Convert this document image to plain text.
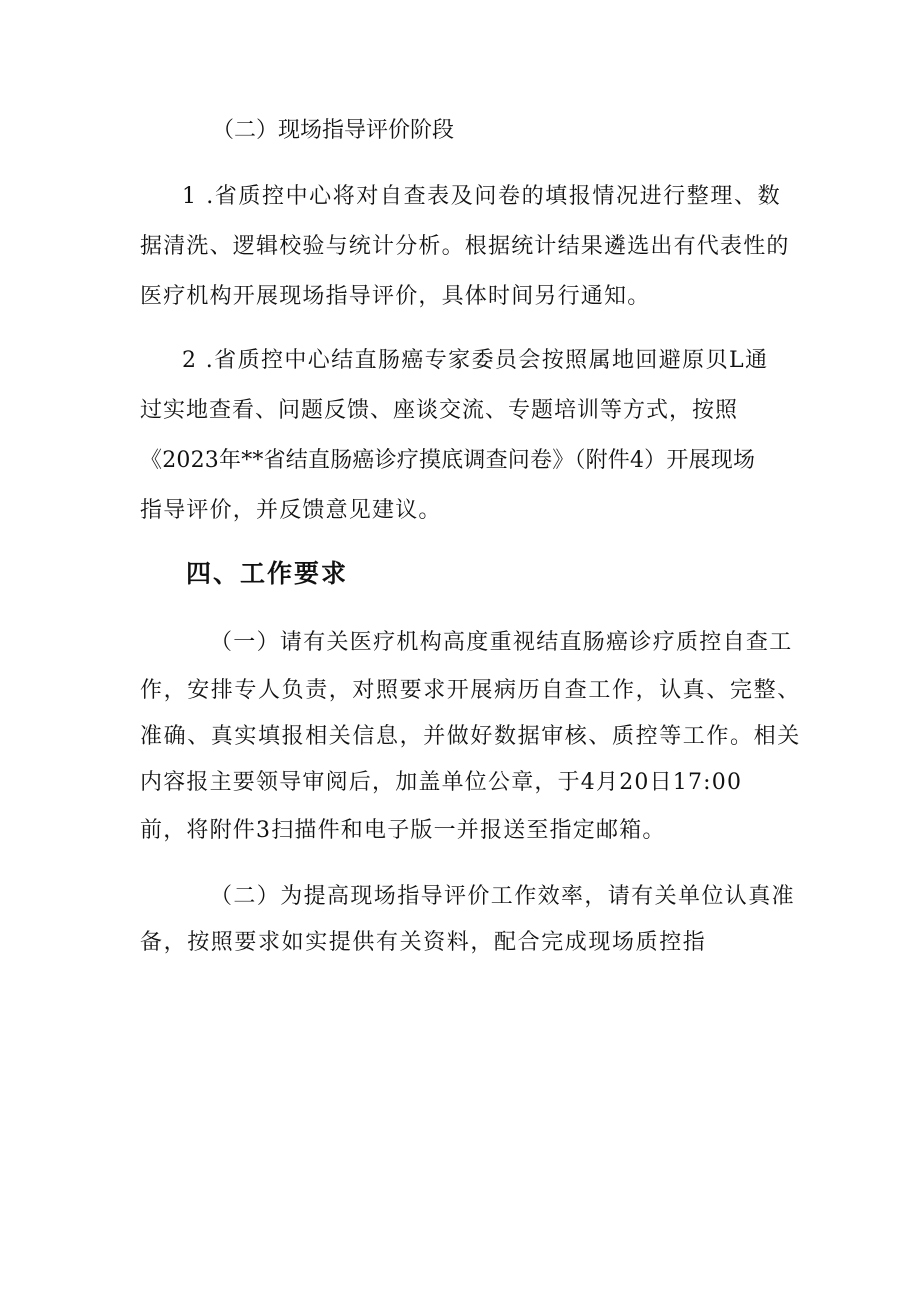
（二）现场指导评价阶段
1 .省质控中心将对自查表及问卷的填报情况进行整理、数
据清洗、逻辑校验与统计分析。根据统计结果遴选出有代表性的
医疗机构开展现场指导评价，具体时间另行通知。
2 .省质控中心结直肠癌专家委员会按照属地回避原贝L通
过实地查看、问题反馈、座谈交流、专题培训等方式，按照
《2023年**省结直肠癌诊疗摸底调查问卷》（附件4）开展现场
指导评价，并反馈意见建议。
四、工作要求
（一）请有关医疗机构高度重视结直肠癌诊疗质控自查工
作，安排专人负责，对照要求开展病历自查工作，认真、完整、
准确、真实填报相关信息，并做好数据审核、质控等工作。相关
内容报主要领导审阅后，加盖单位公章，于4月20日17:00
前，将附件3扫描件和电子版一并报送至指定邮箱。
（二）为提高现场指导评价工作效率，请有关单位认真准
备，按照要求如实提供有关资料，配合完成现场质控指
